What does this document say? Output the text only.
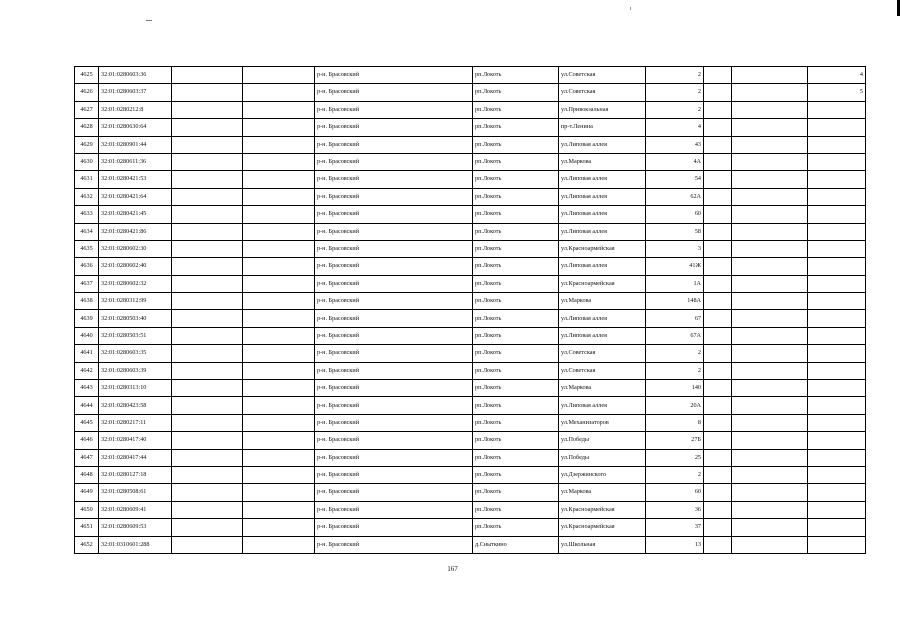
4625	32:01:0280603:36			р-н. Брасовский	рп.Локоть	ул.Советская	2			4
4626	32:01:0280603:37			р-н. Брасовский	рп.Локоть	ул.Советская	2			5
4627	32:01:0280212:8			р-н. Брасовский	рп.Локоть	ул.Привокзальная	2			
4628	32:01:0280630:64			р-н. Брасовский	рп.Локоть	пр-т.Ленина	4			
4629	32:01:0280901:44			р-н. Брасовский	рп.Локоть	ул.Липовая аллея	43			
4630	32:01:0280611:36			р-н. Брасовский	рп.Локоть	ул.Маркова	4А			
4631	32:01:0280421:53			р-н. Брасовский	рп.Локоть	ул.Липовая аллея	54			
4632	32:01:0280421:64			р-н. Брасовский	рп.Локоть	ул.Липовая аллея	62А			
4633	32:01:0280421:45			р-н. Брасовский	рп.Локоть	ул.Липовая аллея	60			
4634	32:01:0280421:86			р-н. Брасовский	рп.Локоть	ул.Липовая аллея	58			
4635	32:01:0280602:30			р-н. Брасовский	рп.Локоть	ул.Красноармейская	3			
4636	32:01:0280602:40			р-н. Брасовский	рп.Локоть	ул.Липовая аллея	41Ж			
4637	32:01:0280602:32			р-н. Брасовский	рп.Локоть	ул.Красноармейская	1А			
4638	32:01:0280312:99			р-н. Брасовский	рп.Локоть	ул.Маркова	148А			
4639	32:01:0280503:40			р-н. Брасовский	рп.Локоть	ул.Липовая аллея	67			
4640	32:01:0280503:51			р-н. Брасовский	рп.Локоть	ул.Липовая аллея	67А			
4641	32:01:0280603:35			р-н. Брасовский	рп.Локоть	ул.Советская	2			
4642	32:01:0280603:39			р-н. Брасовский	рп.Локоть	ул.Советская	2			
4643	32:01:0280313:10			р-н. Брасовский	рп.Локоть	ул.Маркова	140			
4644	32:01:0280423:58			р-н. Брасовский	рп.Локоть	ул.Липовая аллея	20А			
4645	32:01:0280217:11			р-н. Брасовский	рп.Локоть	ул.Механизаторов	8			
4646	32:01:0280417:40			р-н. Брасовский	рп.Локоть	ул.Победы	27Б			
4647	32:01:0280417:44			р-н. Брасовский	рп.Локоть	ул.Победы	25			
4648	32:01:0280127:18			р-н. Брасовский	рп.Локоть	ул.Дзержинского	2			
4649	32:01:0280508:61			р-н. Брасовский	рп.Локоть	ул.Маркова	60			
4650	32:01:0280609:41			р-н. Брасовский	рп.Локоть	ул.Красноармейская	36			
4651	32:01:0280609:53			р-н. Брасовский	рп.Локоть	ул.Красноармейская	37			
4652	32:01:0310601:288			р-н. Брасовский	д.Сныткино	ул.Школьная	13			
167
